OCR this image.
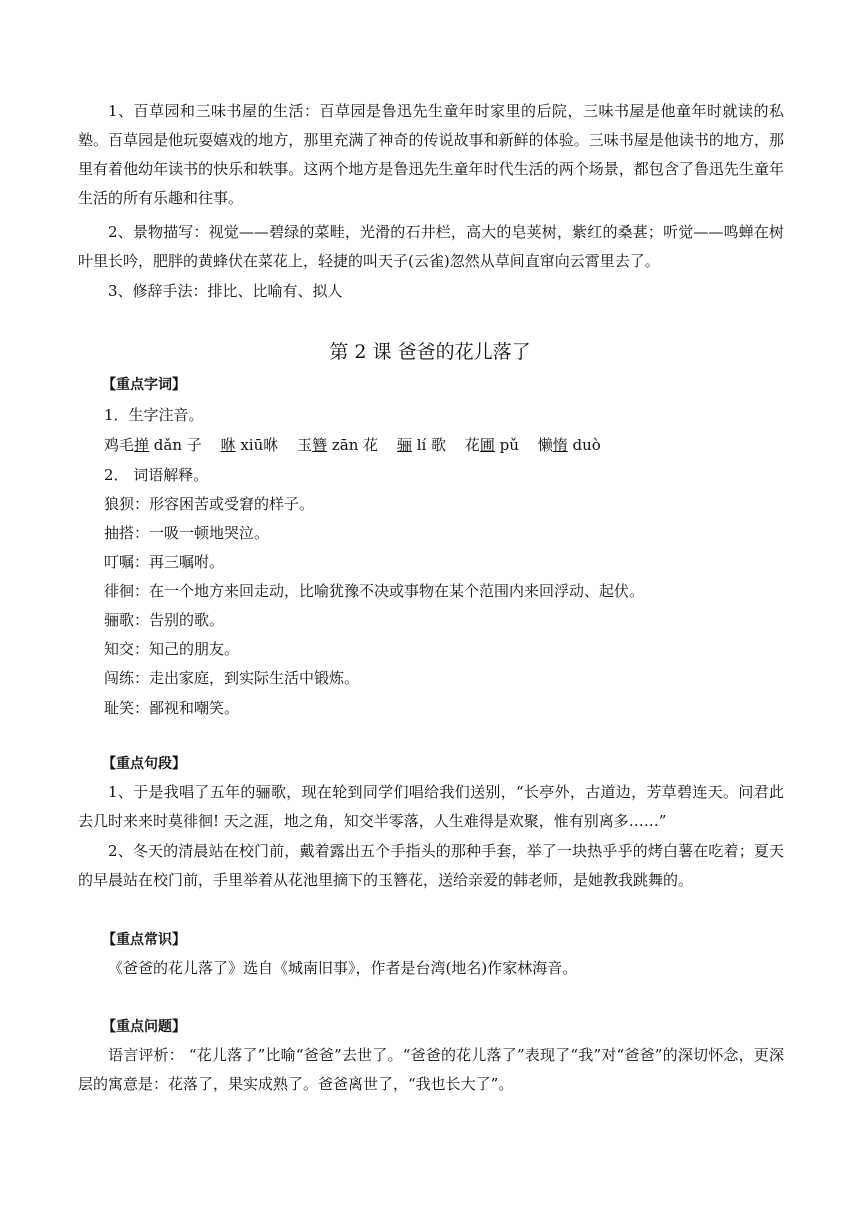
1、百草园和三味书屋的生活：百草园是鲁迅先生童年时家里的后院，三味书屋是他童年时就读的私塾。百草园是他玩耍嬉戏的地方，那里充满了神奇的传说故事和新鲜的体验。三味书屋是他读书的地方，那里有着他幼年读书的快乐和轶事。这两个地方是鲁迅先生童年时代生活的两个场景，都包含了鲁迅先生童年生活的所有乐趣和往事。

2、景物描写：视觉——碧绿的菜畦，光滑的石井栏，高大的皂荚树，紫红的桑葚；听觉——鸣蝉在树叶里长吟，肥胖的黄蜂伏在菜花上，轻捷的叫天子(云雀)忽然从草间直窜向云霄里去了。

3、修辞手法：排比、比喻有、拟人

第 2 课 爸爸的花儿落了
【重点字词】
1．生字注音。
鸡毛掸 dǎn 子 咻 xiū咻 玉簪 zān 花 骊 lí 歌 花圃 pǔ 懒惰 duò
2． 词语解释。
狼狈：形容困苦或受窘的样子。
抽搭：一吸一顿地哭泣。
叮嘱：再三嘱咐。
徘徊：在一个地方来回走动，比喻犹豫不决或事物在某个范围内来回浮动、起伏。
骊歌：告别的歌。
知交：知己的朋友。
闯练：走出家庭，到实际生活中锻炼。
耻笑：鄙视和嘲笑。
【重点句段】

1、于是我唱了五年的骊歌，现在轮到同学们唱给我们送别，“长亭外，古道边，芳草碧连天。问君此去几时来来时莫徘徊! 天之涯，地之角，知交半零落，人生难得是欢聚，惟有别离多……”

2、冬天的清晨站在校门前，戴着露出五个手指头的那种手套，举了一块热乎乎的烤白薯在吃着；夏天的早晨站在校门前，手里举着从花池里摘下的玉簪花，送给亲爱的韩老师，是她教我跳舞的。

【重点常识】

《爸爸的花儿落了》选自《城南旧事》，作者是台湾(地名)作家林海音。

【重点问题】

语言评析： “花儿落了”比喻“爸爸”去世了。“爸爸的花儿落了”表现了“我”对“爸爸”的深切怀念，更深层的寓意是：花落了，果实成熟了。爸爸离世了，“我也长大了”。
